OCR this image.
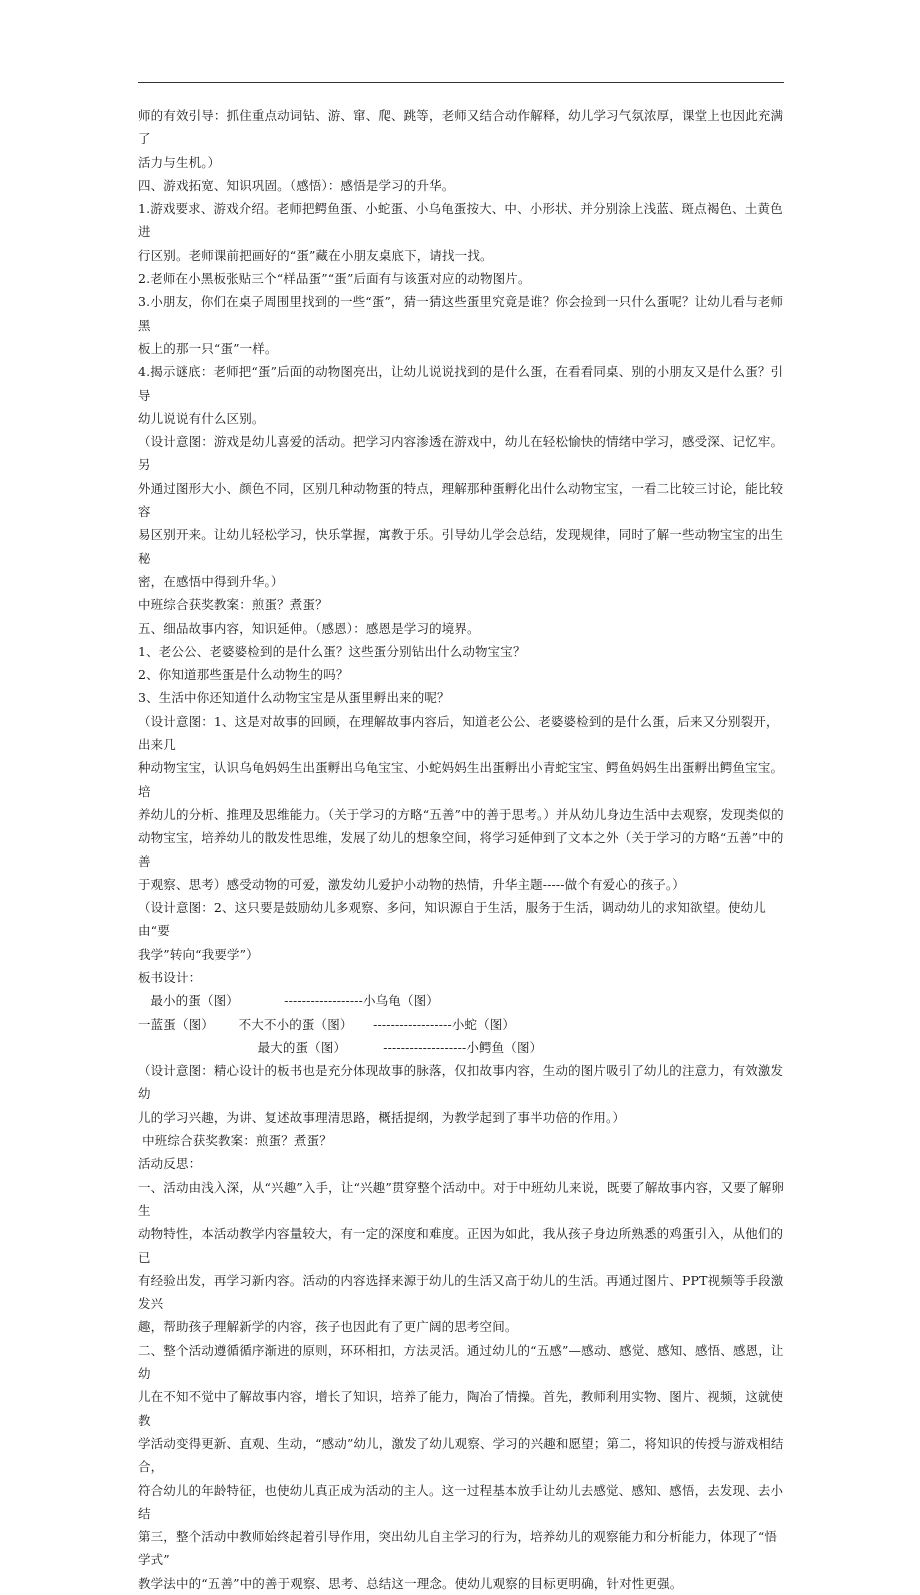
师的有效引导：抓住重点动词钻、游、窜、爬、跳等，老师又结合动作解释，幼儿学习气氛浓厚，课堂上也因此充满了

活力与生机。）

四、游戏拓宽、知识巩固。（感悟）：感悟是学习的升华。

1.游戏要求、游戏介绍。老师把鳄鱼蛋、小蛇蛋、小乌龟蛋按大、中、小形状、并分别涂上浅蓝、斑点褐色、土黄色进

行区别。老师课前把画好的“蛋”藏在小朋友桌底下，请找一找。

2.老师在小黑板张贴三个“样品蛋”“蛋”后面有与该蛋对应的动物图片。

3.小朋友，你们在桌子周围里找到的一些“蛋”，猜一猜这些蛋里究竟是谁？你会捡到一只什么蛋呢？让幼儿看与老师黑

板上的那一只“蛋”一样。

4.揭示谜底：老师把“蛋”后面的动物图亮出，让幼儿说说找到的是什么蛋，在看看同桌、别的小朋友又是什么蛋？引导

幼儿说说有什么区别。

（设计意图：游戏是幼儿喜爱的活动。把学习内容渗透在游戏中，幼儿在轻松愉快的情绪中学习，感受深、记忆牢。另

外通过图形大小、颜色不同，区别几种动物蛋的特点，理解那种蛋孵化出什么动物宝宝，一看二比较三讨论，能比较容

易区别开来。让幼儿轻松学习，快乐掌握，寓教于乐。引导幼儿学会总结，发现规律，同时了解一些动物宝宝的出生秘

密，在感悟中得到升华。）

中班综合获奖教案：煎蛋？煮蛋？

五、细品故事内容，知识延伸。（感恩）：感恩是学习的境界。

1、老公公、老婆婆检到的是什么蛋？这些蛋分别钻出什么动物宝宝？

2、你知道那些蛋是什么动物生的吗？

3、生活中你还知道什么动物宝宝是从蛋里孵出来的呢？

（设计意图：1、这是对故事的回顾，在理解故事内容后，知道老公公、老婆婆检到的是什么蛋，后来又分别裂开，出来几

种动物宝宝，认识乌龟妈妈生出蛋孵出乌龟宝宝、小蛇妈妈生出蛋孵出小青蛇宝宝、鳄鱼妈妈生出蛋孵出鳄鱼宝宝。培

养幼儿的分析、推理及思维能力。（关于学习的方略“五善”中的善于思考。）并从幼儿身边生活中去观察，发现类似的

动物宝宝，培养幼儿的散发性思维，发展了幼儿的想象空间，将学习延伸到了文本之外（关于学习的方略“五善”中的善

于观察、思考）感受动物的可爱，激发幼儿爱护小动物的热情，升华主题-----做个有爱心的孩子。）

（设计意图：2、这只要是鼓励幼儿多观察、多问，知识源自于生活，服务于生活，调动幼儿的求知欲望。使幼儿由“要

我学”转向“我要学”）

板书设计：

最小的蛋（图）           ------------------小乌龟（图）

一蓝蛋（图）      不大不小的蛋（图）     ------------------小蛇（图）

最大的蛋（图）         -------------------小鳄鱼（图）

（设计意图：精心设计的板书也是充分体现故事的脉落，仅扣故事内容，生动的图片吸引了幼儿的注意力，有效激发幼

儿的学习兴趣，为讲、复述故事理清思路，概括提纲，为教学起到了事半功倍的作用。）

中班综合获奖教案：煎蛋？煮蛋？

活动反思：

一、活动由浅入深，从“兴趣”入手，让“兴趣”贯穿整个活动中。对于中班幼儿来说，既要了解故事内容，又要了解卵生

动物特性，本活动教学内容量较大，有一定的深度和难度。正因为如此，我从孩子身边所熟悉的鸡蛋引入，从他们的已

有经验出发，再学习新内容。活动的内容选择来源于幼儿的生活又高于幼儿的生活。再通过图片、PPT视频等手段激发兴

趣，帮助孩子理解新学的内容，孩子也因此有了更广阔的思考空间。

二、整个活动遵循循序渐进的原则，环环相扣，方法灵活。通过幼儿的“五感”—感动、感觉、感知、感悟、感恩，让幼

儿在不知不觉中了解故事内容，增长了知识，培养了能力，陶冶了情操。首先，教师利用实物、图片、视频，这就使教

学活动变得更新、直观、生动，“感动”幼儿，激发了幼儿观察、学习的兴趣和愿望；第二，将知识的传授与游戏相结合，

符合幼儿的年龄特征，也使幼儿真正成为活动的主人。这一过程基本放手让幼儿去感觉、感知、感悟，去发现、去小结

第三，整个活动中教师始终起着引导作用，突出幼儿自主学习的行为，培养幼儿的观察能力和分析能力，体现了“悟学式”

教学法中的“五善”中的善于观察、思考、总结这一理念。使幼儿观察的目标更明确，针对性更强。
